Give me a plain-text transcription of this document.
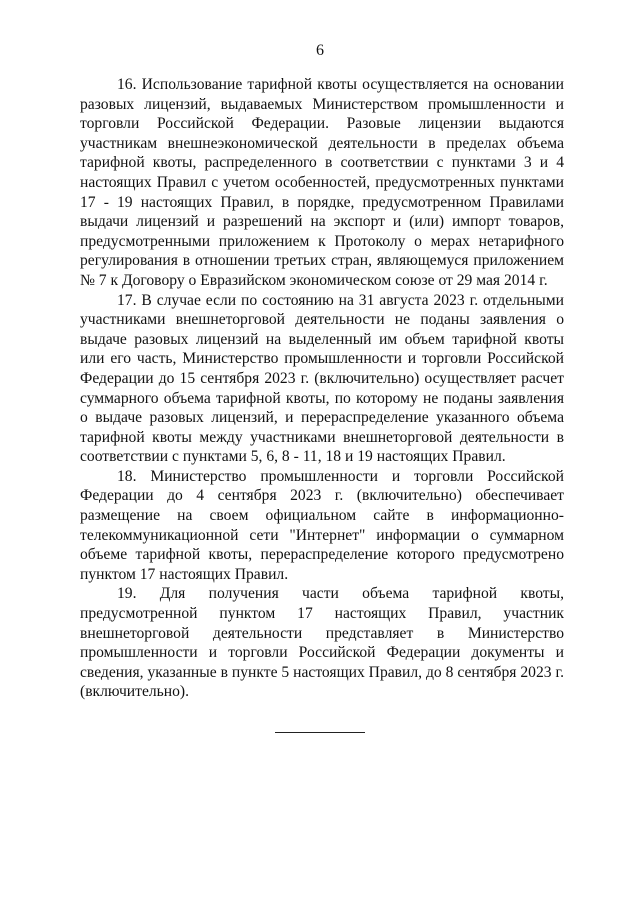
6

16. Использование тарифной квоты осуществляется на основании разовых лицензий, выдаваемых Министерством промышленности и торговли Российской Федерации. Разовые лицензии выдаются участникам внешнеэкономической деятельности в пределах объема тарифной квоты, распределенного в соответствии с пунктами 3 и 4 настоящих Правил с учетом особенностей, предусмотренных пунктами 17 - 19 настоящих Правил, в порядке, предусмотренном Правилами выдачи лицензий и разрешений на экспорт и (или) импорт товаров, предусмотренными приложением к Протоколу о мерах нетарифного регулирования в отношении третьих стран, являющемуся приложением № 7 к Договору о Евразийском экономическом союзе от 29 мая 2014 г.

17. В случае если по состоянию на 31 августа 2023 г. отдельными участниками внешнеторговой деятельности не поданы заявления о выдаче разовых лицензий на выделенный им объем тарифной квоты или его часть, Министерство промышленности и торговли Российской Федерации до 15 сентября 2023 г. (включительно) осуществляет расчет суммарного объема тарифной квоты, по которому не поданы заявления о выдаче разовых лицензий, и перераспределение указанного объема тарифной квоты между участниками внешнеторговой деятельности в соответствии с пунктами 5, 6, 8 - 11, 18 и 19 настоящих Правил.

18. Министерство промышленности и торговли Российской Федерации до 4 сентября 2023 г. (включительно) обеспечивает размещение на своем официальном сайте в информационно-телекоммуникационной сети "Интернет" информации о суммарном объеме тарифной квоты, перераспределение которого предусмотрено пунктом 17 настоящих Правил.

19. Для получения части объема тарифной квоты, предусмотренной пунктом 17 настоящих Правил, участник внешнеторговой деятельности представляет в Министерство промышленности и торговли Российской Федерации документы и сведения, указанные в пункте 5 настоящих Правил, до 8 сентября 2023 г. (включительно).
